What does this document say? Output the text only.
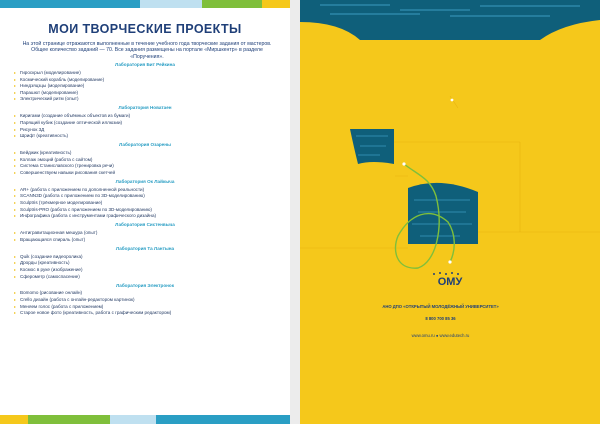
МОИ ТВОРЧЕСКИЕ ПРОЕКТЫ

На этой странице отражаются выполненные в течение учебного года творческие задания от мастеров. Общее количество заданий — 70. Все задания размещены на портале «Миршкентр» в разделе «Поручения».

Лаборатория Бит Рейкина
▸ Гироскрыл (моделирование)
▸ Космический корабль (моделирование)
▸ Ниндзяцзцы (моделирование)
▸ Парашют (моделирование)
▸ Электрический ритм (опыт)
Лаборатория Новатаен
▸ Киригами (создание объёмных объектов из бумаги)
▸ Парящий кубик (создание оптической иллюзии)
▸ Рисунок 3Д
▸ Шрифт (креативность)
Лаборатория Озарены
▸ Бейджик (креативность)
▸ Коллаж эмоций (работа с сайтом)
▸ Система Станиславского (тренировка речи)
▸ Совершенствуем навыки рисования скетчей
Лаборатория Ок Лайкыча
▸ AR+ (работа с приложением по дополненной реальности)
▸ SCANN3D (работа с приложением по 3D-моделированию)
▸ Sculptris (трёхмерное моделирование)
▸ Sculptris-PRO (работа с приложением по 3D-моделированию)
▸ Инфографика (работа с инструментами графического дизайна)
Лаборатория Систенвыча
▸ Антигравитационная мешура (опыт)
▸ Вращающаяся спираль (опыт)
Лаборатория Та Лантына
▸ Quik (создание видеоролика)
▸ Дрорды (креативность)
▸ Космос в руке (изображение)
▸ Сферометр (самоспасение)
Лаборатория Электронок
▸ Bomomo (рисование онлайн)
▸ Crello дизайн (работа с онлайн-редактором картинок)
▸ Меняем голос (работа с приложением)
▸ Старое новое фото (креативность, работа с графическим редактором)
ОМУ
АНО ДПО «ОТКРЫТЫЙ МОЛОДЁЖНЫЙ УНИВЕРСИТЕТ»
8 800 700 85 36
www.omu.ru ● www.edutech.ru
